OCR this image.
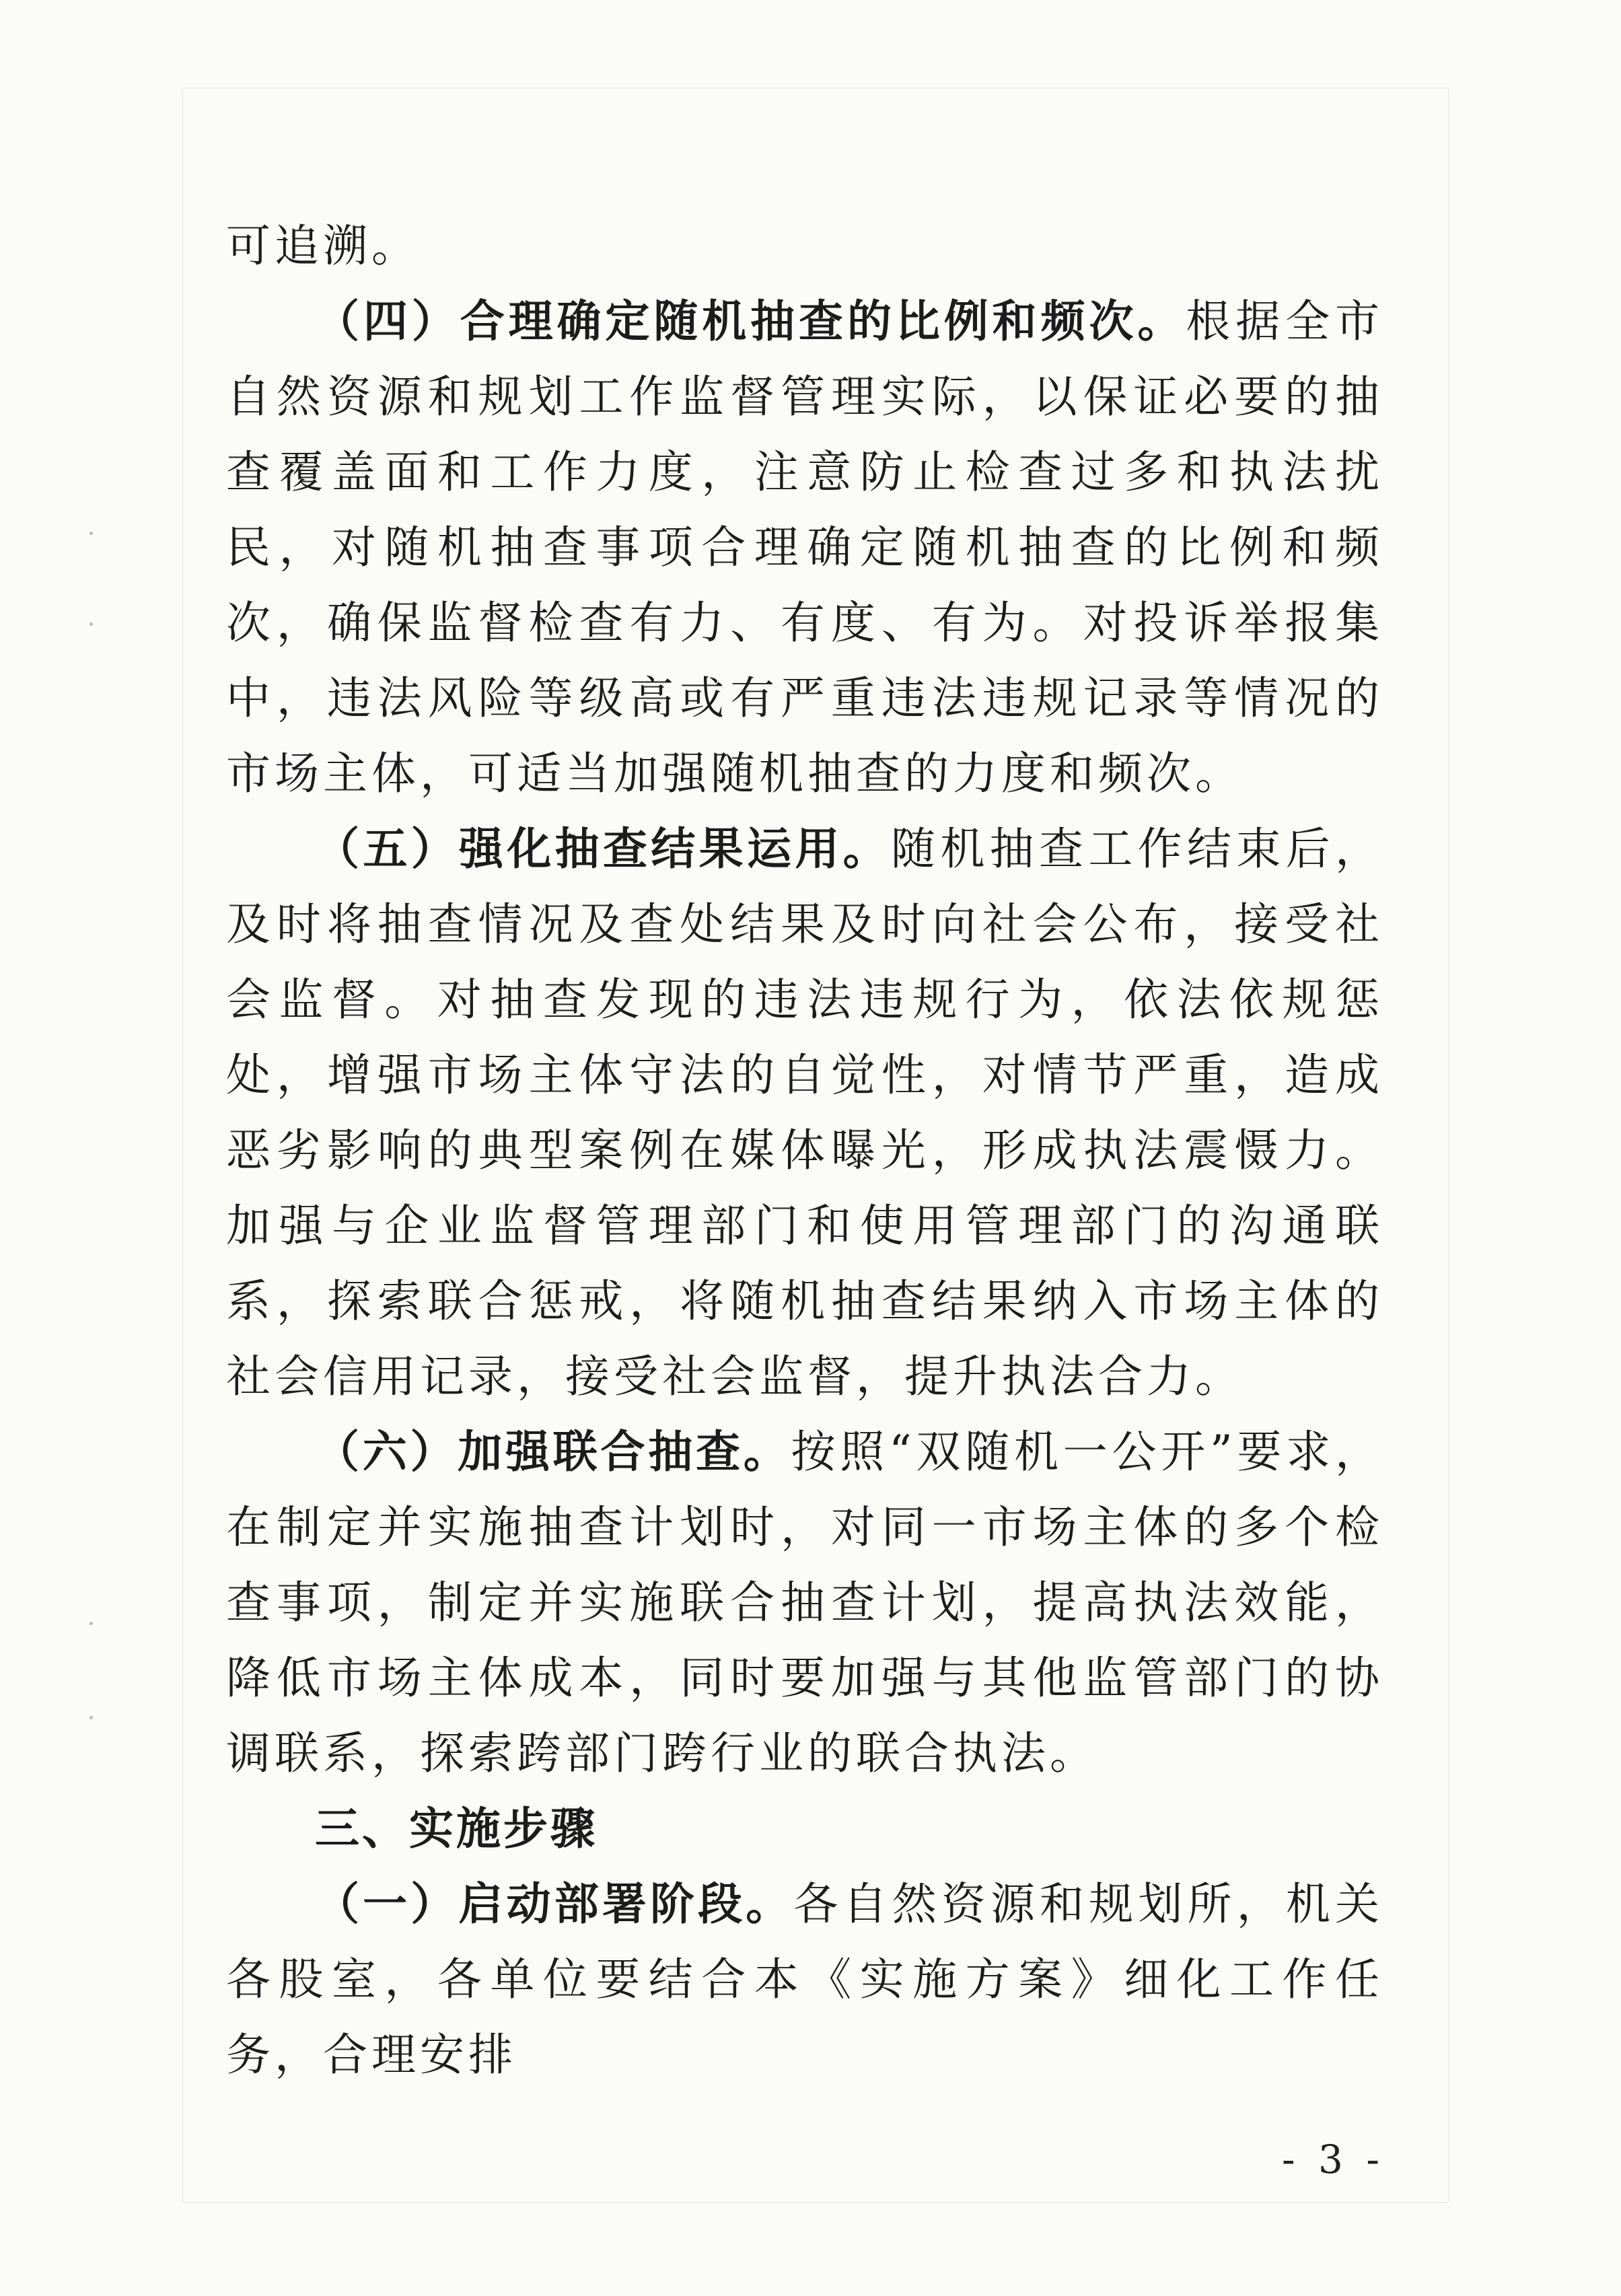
可追溯。

（四）合理确定随机抽查的比例和频次。根据全市自然资源和规划工作监督管理实际，以保证必要的抽查覆盖面和工作力度，注意防止检查过多和执法扰民，对随机抽查事项合理确定随机抽查的比例和频次，确保监督检查有力、有度、有为。对投诉举报集中，违法风险等级高或有严重违法违规记录等情况的市场主体，可适当加强随机抽查的力度和频次。

（五）强化抽查结果运用。随机抽查工作结束后，及时将抽查情况及查处结果及时向社会公布，接受社会监督。对抽查发现的违法违规行为，依法依规惩处，增强市场主体守法的自觉性，对情节严重，造成恶劣影响的典型案例在媒体曝光，形成执法震慑力。加强与企业监督管理部门和使用管理部门的沟通联系，探索联合惩戒，将随机抽查结果纳入市场主体的社会信用记录，接受社会监督，提升执法合力。

（六）加强联合抽查。按照“双随机一公开”要求，在制定并实施抽查计划时，对同一市场主体的多个检查事项，制定并实施联合抽查计划，提高执法效能，降低市场主体成本，同时要加强与其他监管部门的协调联系，探索跨部门跨行业的联合执法。

三、实施步骤

（一）启动部署阶段。各自然资源和规划所，机关各股室，各单位要结合本《实施方案》细化工作任务，合理安排

- 3 -
